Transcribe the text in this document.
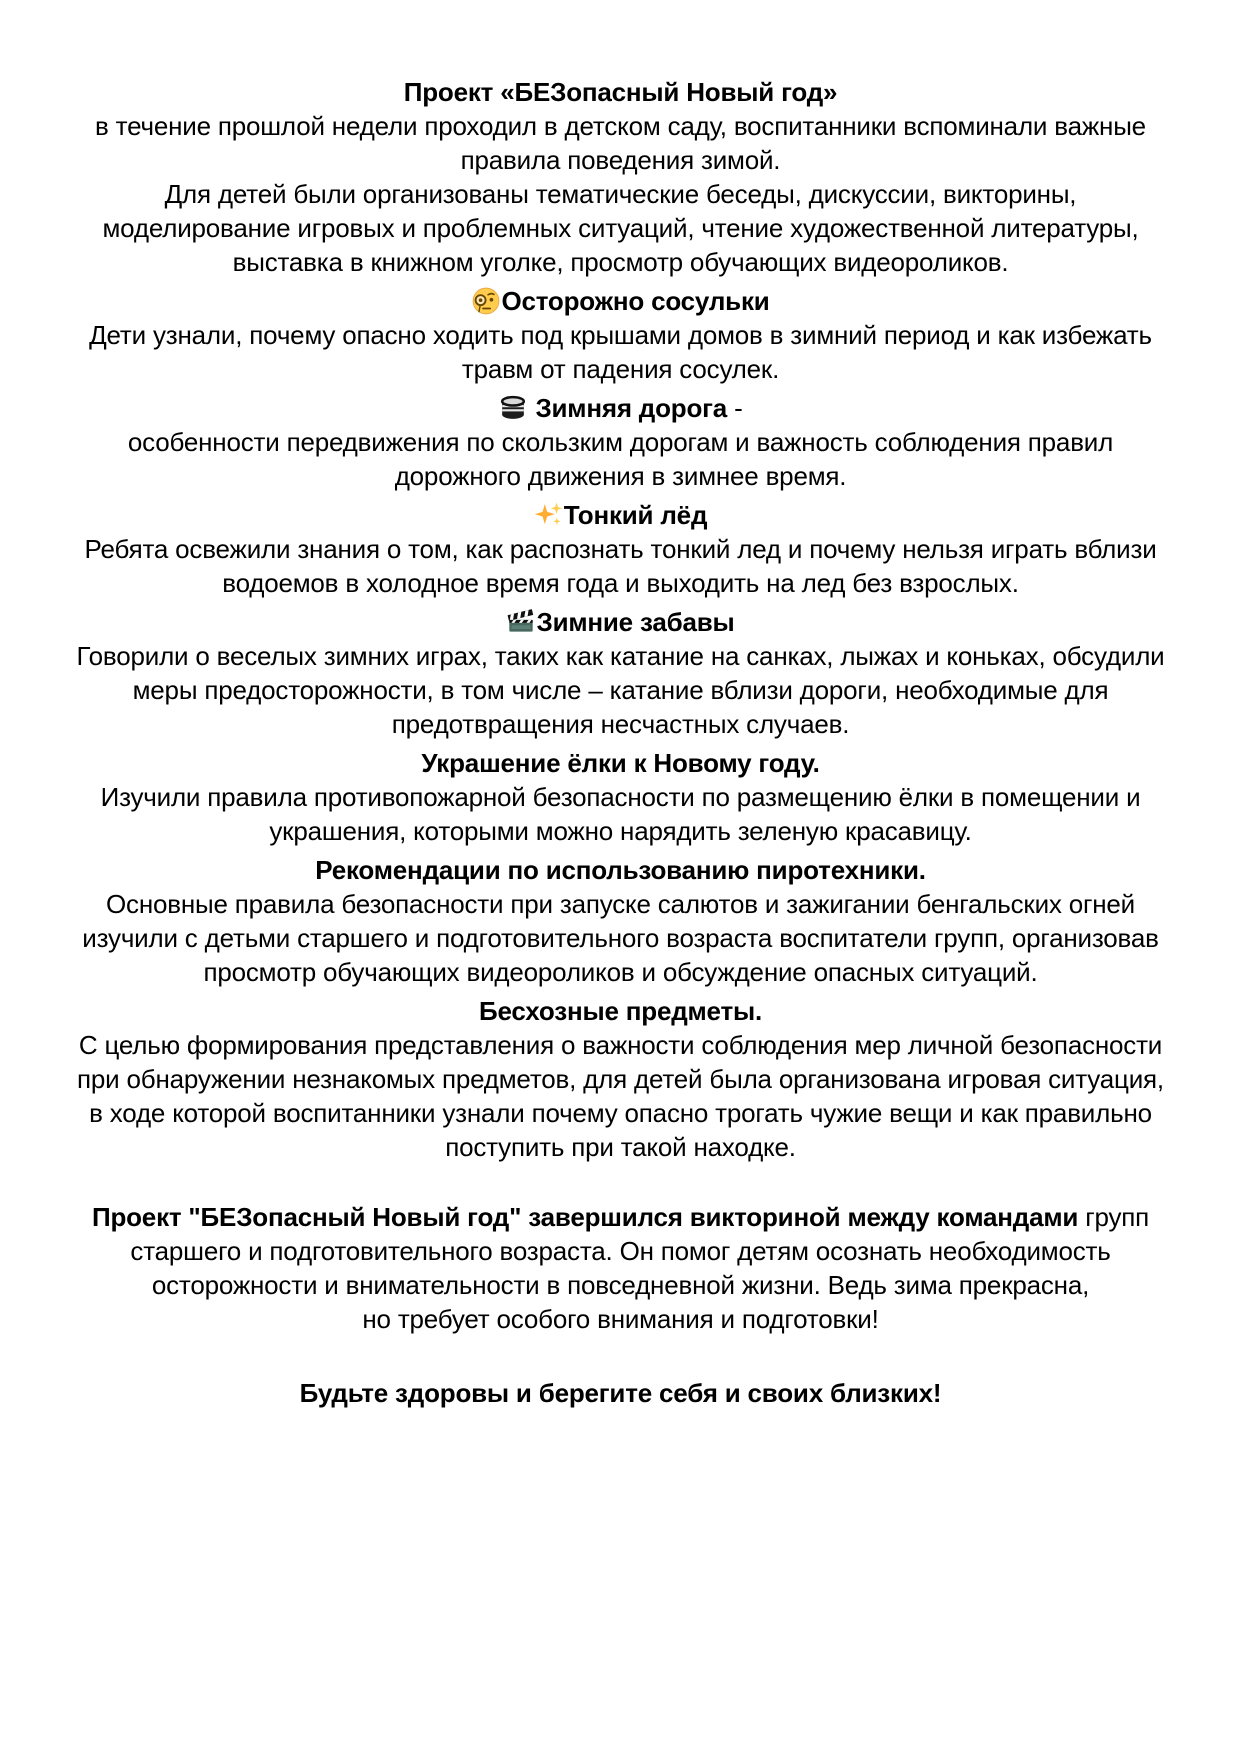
Проект «БЕЗопасный Новый год»

в течение прошлой недели проходил в детском саду, воспитанники вспоминали важные правила поведения зимой.

Для детей были организованы тематические беседы, дискуссии, викторины, моделирование игровых и проблемных ситуаций, чтение художественной литературы, выставка в книжном уголке, просмотр обучающих видеороликов.

Осторожно сосульки

Дети узнали, почему опасно ходить под крышами домов в зимний период и как избежать травм от падения сосулек.

Зимняя дорога -

особенности передвижения по скользким дорогам и важность соблюдения правил дорожного движения в зимнее время.

Тонкий лёд

Ребята освежили знания о том, как распознать тонкий лед и почему нельзя играть вблизи водоемов в холодное время года и выходить на лед без взрослых.

Зимние забавы

Говорили о веселых зимних играх, таких как катание на санках, лыжах и коньках, обсудили меры предосторожности, в том числе – катание вблизи дороги, необходимые для предотвращения несчастных случаев.

Украшение ёлки к Новому году.

Изучили правила противопожарной безопасности по размещению ёлки в помещении и украшения, которыми можно нарядить зеленую красавицу.

Рекомендации по использованию пиротехники.

Основные правила безопасности при запуске салютов и зажигании бенгальских огней изучили с детьми старшего и подготовительного возраста воспитатели групп, организовав просмотр обучающих видеороликов и обсуждение опасных ситуаций.

Бесхозные предметы.

С целью формирования представления о важности соблюдения мер личной безопасности при обнаружении незнакомых предметов, для детей была организована игровая ситуация, в ходе которой воспитанники узнали почему опасно трогать чужие вещи и как правильно поступить при такой находке.

Проект "БЕЗопасный Новый год" завершился викториной между командами групп старшего и подготовительного возраста. Он помог детям осознать необходимость осторожности и внимательности в повседневной жизни. Ведь зима прекрасна,

но требует особого внимания и подготовки!

Будьте здоровы и берегите себя и своих близких!
